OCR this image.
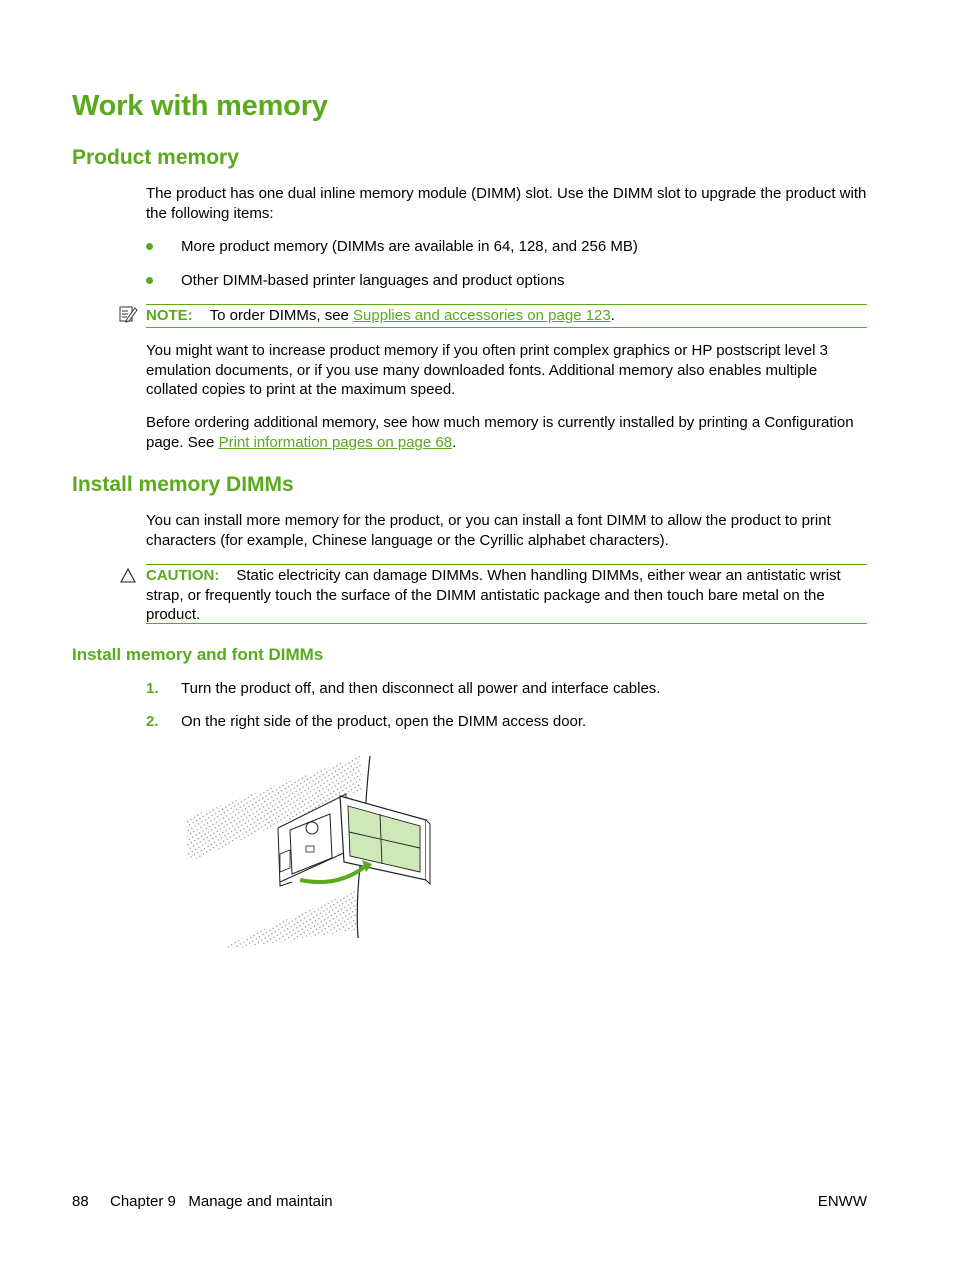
Work with memory
Product memory

The product has one dual inline memory module (DIMM) slot. Use the DIMM slot to upgrade the product with the following items:

More product memory (DIMMs are available in 64, 128, and 256 MB)
Other DIMM-based printer languages and product options
NOTE: To order DIMMs, see Supplies and accessories on page 123.

You might want to increase product memory if you often print complex graphics or HP postscript level 3 emulation documents, or if you use many downloaded fonts. Additional memory also enables multiple collated copies to print at the maximum speed.

Before ordering additional memory, see how much memory is currently installed by printing a Configuration page. See Print information pages on page 68.

Install memory DIMMs

You can install more memory for the product, or you can install a font DIMM to allow the product to print characters (for example, Chinese language or the Cyrillic alphabet characters).

CAUTION: Static electricity can damage DIMMs. When handling DIMMs, either wear an antistatic wrist strap, or frequently touch the surface of the DIMM antistatic package and then touch bare metal on the product.
Install memory and font DIMMs
1. Turn the product off, and then disconnect all power and interface cables.
2. On the right side of the product, open the DIMM access door.
88 Chapter 9   Manage and maintain	ENWW
